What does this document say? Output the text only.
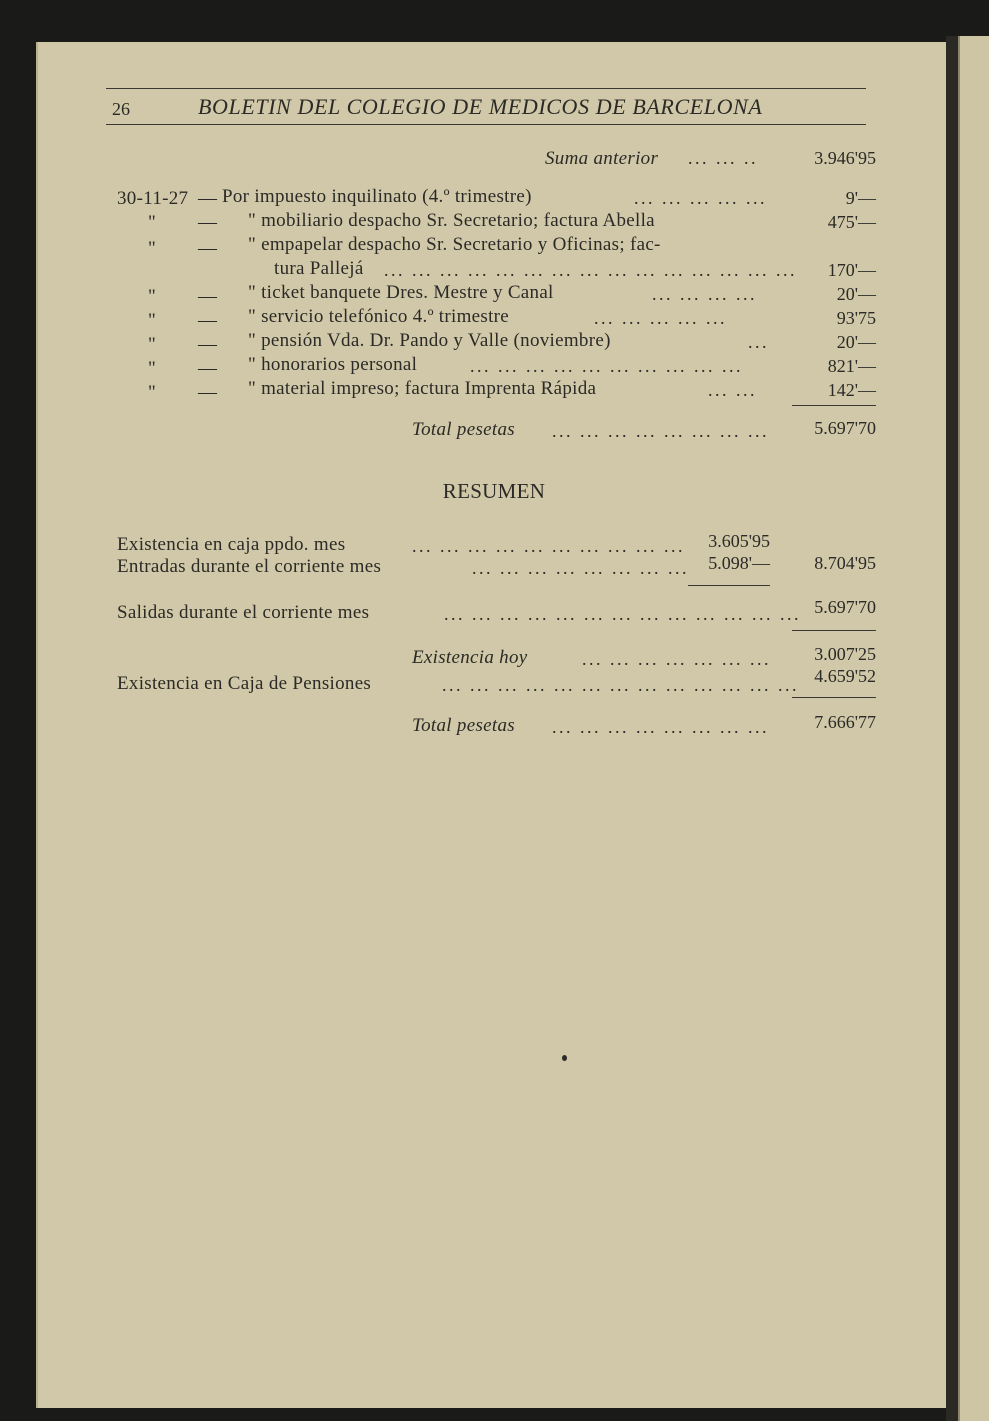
26	BOLETIN DEL COLEGIO DE MEDICOS DE BARCELONA
Suma anterior ... ... ..	3.946'95
30-11-27 — Por impuesto inquilinato (4.º trimestre)	... ... ... ... ...	9'—
" — " mobiliario despacho Sr. Secretario; factura Abella	475'—
" — " empapelar despacho Sr. Secretario y Oficinas; fac-
tura Pallejá ... ... ... ... ... ... ... ... ... ... ... ... ... ... ...	170'—
" — " ticket banquete Dres. Mestre y Canal	... ... ... ...	20'—
" — " servicio telefónico 4.º trimestre	... ... ... ... ...	93'75
" — " pensión Vda. Dr. Pando y Valle (noviembre)	...	20'—
" — " honorarios personal	... ... ... ... ... ... ... ... ... ...	821'—
" — " material impreso; factura Imprenta Rápida	... ...	142'—
Total pesetas ... ... ... ... ... ... ... ...	5.697'70
RESUMEN
Existencia en caja ppdo. mes	... ... ... ... ... ... ... ... ... ...	3.605'95
Entradas durante el corriente mes	... ... ... ... ... ... ... ...	5.098'—	8.704'95
Salidas durante el corriente mes	... ... ... ... ... ... ... ... ... ... ... ... ... 5.697'70
Existencia hoy	... ... ... ... ... ... ...	3.007'25
Existencia en Caja de Pensiones	... ... ... ... ... ... ... ... ... ... ... ... ... 4.659'52
Total pesetas ... ... ... ... ... ... ... ...	7.666'77
